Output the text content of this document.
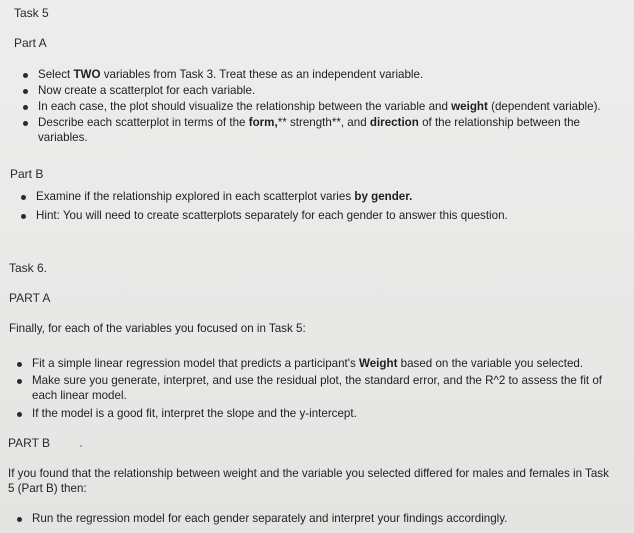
Task 5
Part A
Select TWO variables from Task 3. Treat these as an independent variable.
Now create a scatterplot for each variable.
In each case, the plot should visualize the relationship between the variable and weight (dependent variable).
Describe each scatterplot in terms of the form,** strength**, and direction of the relationship between the
variables.
Part B
Examine if the relationship explored in each scatterplot varies by gender.
Hint: You will need to create scatterplots separately for each gender to answer this question.
Task 6.
PART A
Finally, for each of the variables you focused on in Task 5:
Fit a simple linear regression model that predicts a participant's Weight based on the variable you selected.
Make sure you generate, interpret, and use the residual plot, the standard error, and the R^2 to assess the fit of
each linear model.
If the model is a good fit, interpret the slope and the y-intercept.
PART B
If you found that the relationship between weight and the variable you selected differed for males and females in Task
5 (Part B) then:
Run the regression model for each gender separately and interpret your findings accordingly.
